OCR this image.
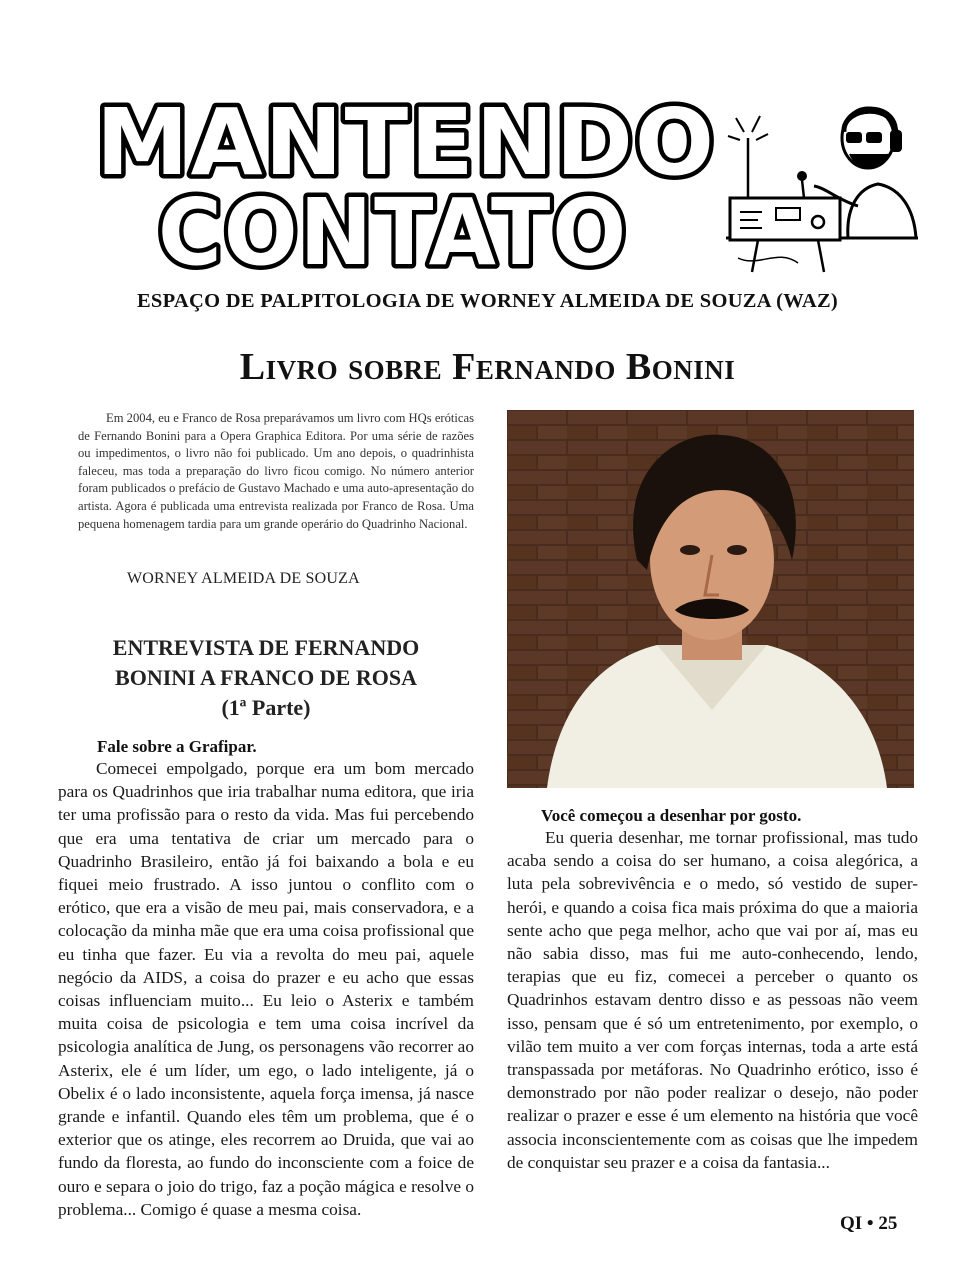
MANTENDO
CONTATO
ESPAÇO DE PALPITOLOGIA DE WORNEY ALMEIDA DE SOUZA (WAZ)
Livro sobre Fernando Bonini

Em 2004, eu e Franco de Rosa preparávamos um livro com HQs eróticas de Fernando Bonini para a Opera Graphica Editora. Por uma série de razões ou impedimentos, o livro não foi publicado. Um ano depois, o quadrinhista faleceu, mas toda a preparação do livro ficou comigo. No número anterior foram publicados o prefácio de Gustavo Machado e uma auto-apresentação do artista. Agora é publicada uma entrevista realizada por Franco de Rosa. Uma pequena homenagem tardia para um grande operário do Quadrinho Nacional.

WORNEY ALMEIDA DE SOUZA
ENTREVISTA DE FERNANDO
BONINI A FRANCO DE ROSA
(1ª Parte)

Fale sobre a Grafipar.

Comecei empolgado, porque era um bom mercado para os Quadrinhos que iria trabalhar numa editora, que iria ter uma profissão para o resto da vida. Mas fui percebendo que era uma tentativa de criar um mercado para o Quadrinho Brasileiro, então já foi baixando a bola e eu fiquei meio frustrado. A isso juntou o conflito com o erótico, que era a visão de meu pai, mais conservadora, e a colocação da minha mãe que era uma coisa profissional que eu tinha que fazer. Eu via a revolta do meu pai, aquele negócio da AIDS, a coisa do prazer e eu acho que essas coisas influenciam muito... Eu leio o Asterix e também muita coisa de psicologia e tem uma coisa incrível da psicologia analítica de Jung, os personagens vão recorrer ao Asterix, ele é um líder, um ego, o lado inteligente, já o Obelix é o lado inconsistente, aquela força imensa, já nasce grande e infantil. Quando eles têm um problema, que é o exterior que os atinge, eles recorrem ao Druida, que vai ao fundo da floresta, ao fundo do inconsciente com a foice de ouro e separa o joio do trigo, faz a poção mágica e resolve o problema... Comigo é quase a mesma coisa.

Você começou a desenhar por gosto.

Eu queria desenhar, me tornar profissional, mas tudo acaba sendo a coisa do ser humano, a coisa alegórica, a luta pela sobrevivência e o medo, só vestido de super-herói, e quando a coisa fica mais próxima do que a maioria sente acho que pega melhor, acho que vai por aí, mas eu não sabia disso, mas fui me auto-conhecendo, lendo, terapias que eu fiz, comecei a perceber o quanto os Quadrinhos estavam dentro disso e as pessoas não veem isso, pensam que é só um entretenimento, por exemplo, o vilão tem muito a ver com forças internas, toda a arte está transpassada por metáforas. No Quadrinho erótico, isso é demonstrado por não poder realizar o desejo, não poder realizar o prazer e esse é um elemento na história que você associa inconscientemente com as coisas que lhe impedem de conquistar seu prazer e a coisa da fantasia...

QI • 25
